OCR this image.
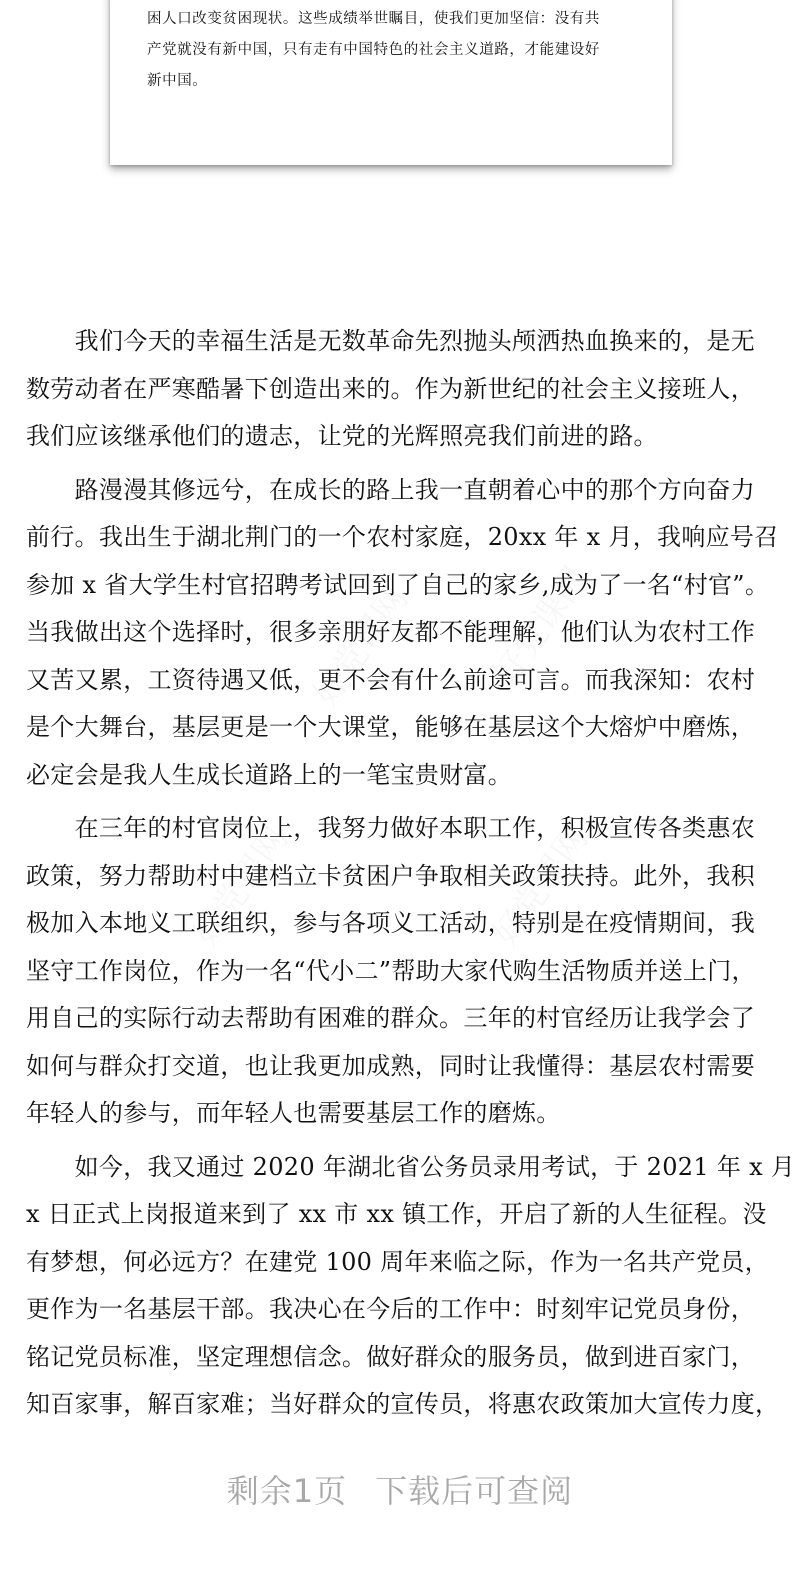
困人口改变贫困现状。这些成绩举世瞩目，使我们更加坚信：没有共
产党就没有新中国，只有走有中国特色的社会主义道路，才能建设好
新中国。
　　我们今天的幸福生活是无数革命先烈抛头颅洒热血换来的，是无
数劳动者在严寒酷暑下创造出来的。作为新世纪的社会主义接班人，
我们应该继承他们的遗志，让党的光辉照亮我们前进的路。
　　路漫漫其修远兮，在成长的路上我一直朝着心中的那个方向奋力
前行。我出生于湖北荆门的一个农村家庭，20xx 年 x 月，我响应号召
参加 x 省大学生村官招聘考试回到了自己的家乡,成为了一名“村官”。
当我做出这个选择时，很多亲朋好友都不能理解，他们认为农村工作
又苦又累，工资待遇又低，更不会有什么前途可言。而我深知：农村
是个大舞台，基层更是一个大课堂，能够在基层这个大熔炉中磨炼，
必定会是我人生成长道路上的一笔宝贵财富。
　　在三年的村官岗位上，我努力做好本职工作，积极宣传各类惠农
政策，努力帮助村中建档立卡贫困户争取相关政策扶持。此外，我积
极加入本地义工联组织，参与各项义工活动，特别是在疫情期间，我
坚守工作岗位，作为一名“代小二”帮助大家代购生活物质并送上门，
用自己的实际行动去帮助有困难的群众。三年的村官经历让我学会了
如何与群众打交道，也让我更加成熟，同时让我懂得：基层农村需要
年轻人的参与，而年轻人也需要基层工作的磨炼。
　　如今，我又通过 2020 年湖北省公务员录用考试，于 2021 年 x 月
x 日正式上岗报道来到了 xx 市 xx 镇工作，开启了新的人生征程。没
有梦想，何必远方？在建党 100 周年来临之际，作为一名共产党员，
更作为一名基层干部。我决心在今后的工作中：时刻牢记党员身份，
铭记党员标准，坚定理想信念。做好群众的服务员，做到进百家门，
知百家事，解百家难；当好群众的宣传员，将惠农政策加大宣传力度，
剩余1页 下载后可查阅
